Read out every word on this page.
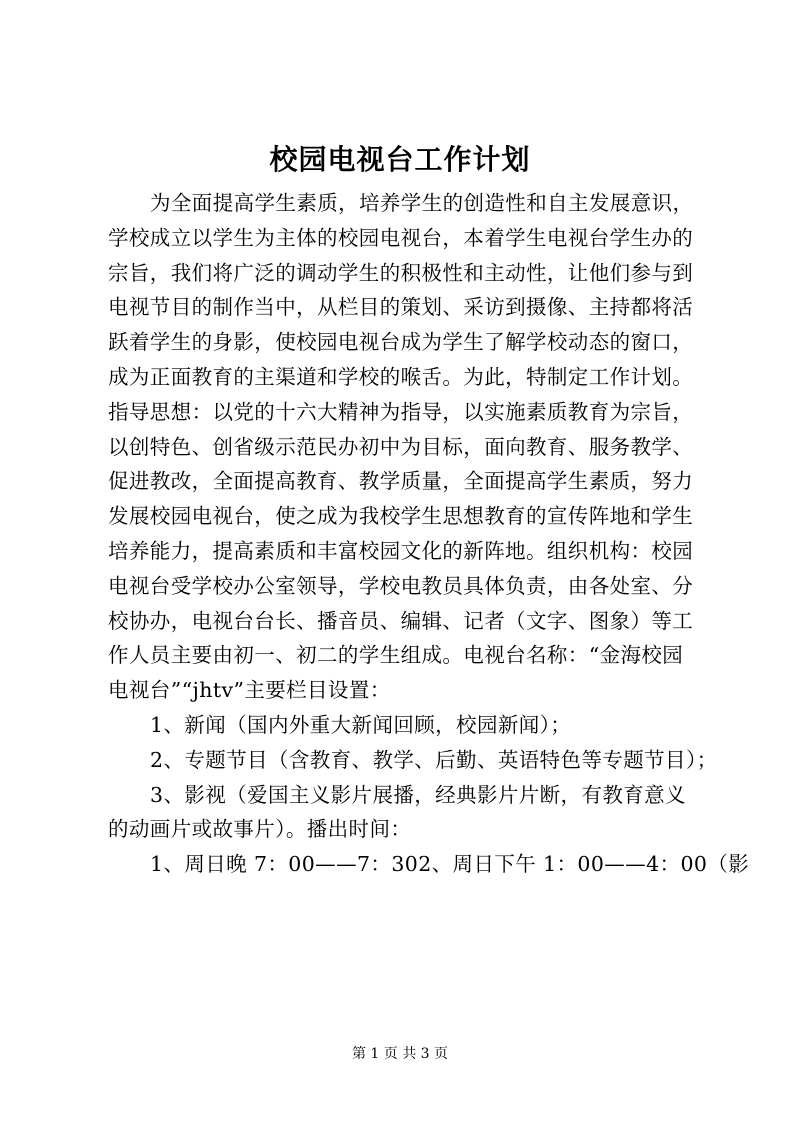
校园电视台工作计划
为全面提高学生素质，培养学生的创造性和自主发展意识，
学校成立以学生为主体的校园电视台，本着学生电视台学生办的
宗旨，我们将广泛的调动学生的积极性和主动性，让他们参与到
电视节目的制作当中，从栏目的策划、采访到摄像、主持都将活
跃着学生的身影，使校园电视台成为学生了解学校动态的窗口，
成为正面教育的主渠道和学校的喉舌。为此，特制定工作计划。
指导思想：以党的十六大精神为指导，以实施素质教育为宗旨，
以创特色、创省级示范民办初中为目标，面向教育、服务教学、
促进教改，全面提高教育、教学质量，全面提高学生素质，努力
发展校园电视台，使之成为我校学生思想教育的宣传阵地和学生
培养能力，提高素质和丰富校园文化的新阵地。组织机构：校园
电视台受学校办公室领导，学校电教员具体负责，由各处室、分
校协办，电视台台长、播音员、编辑、记者（文字、图象）等工
作人员主要由初一、初二的学生组成。电视台名称：“金海校园
电视台”“jhtv”主要栏目设置：
1、新闻（国内外重大新闻回顾，校园新闻）；
2、专题节目（含教育、教学、后勤、英语特色等专题节目）；
3、影视（爱国主义影片展播，经典影片片断，有教育意义
的动画片或故事片）。播出时间：
1、周日晚 7：00——7：302、周日下午 1：00——4：00（影
第 1 页 共 3 页
